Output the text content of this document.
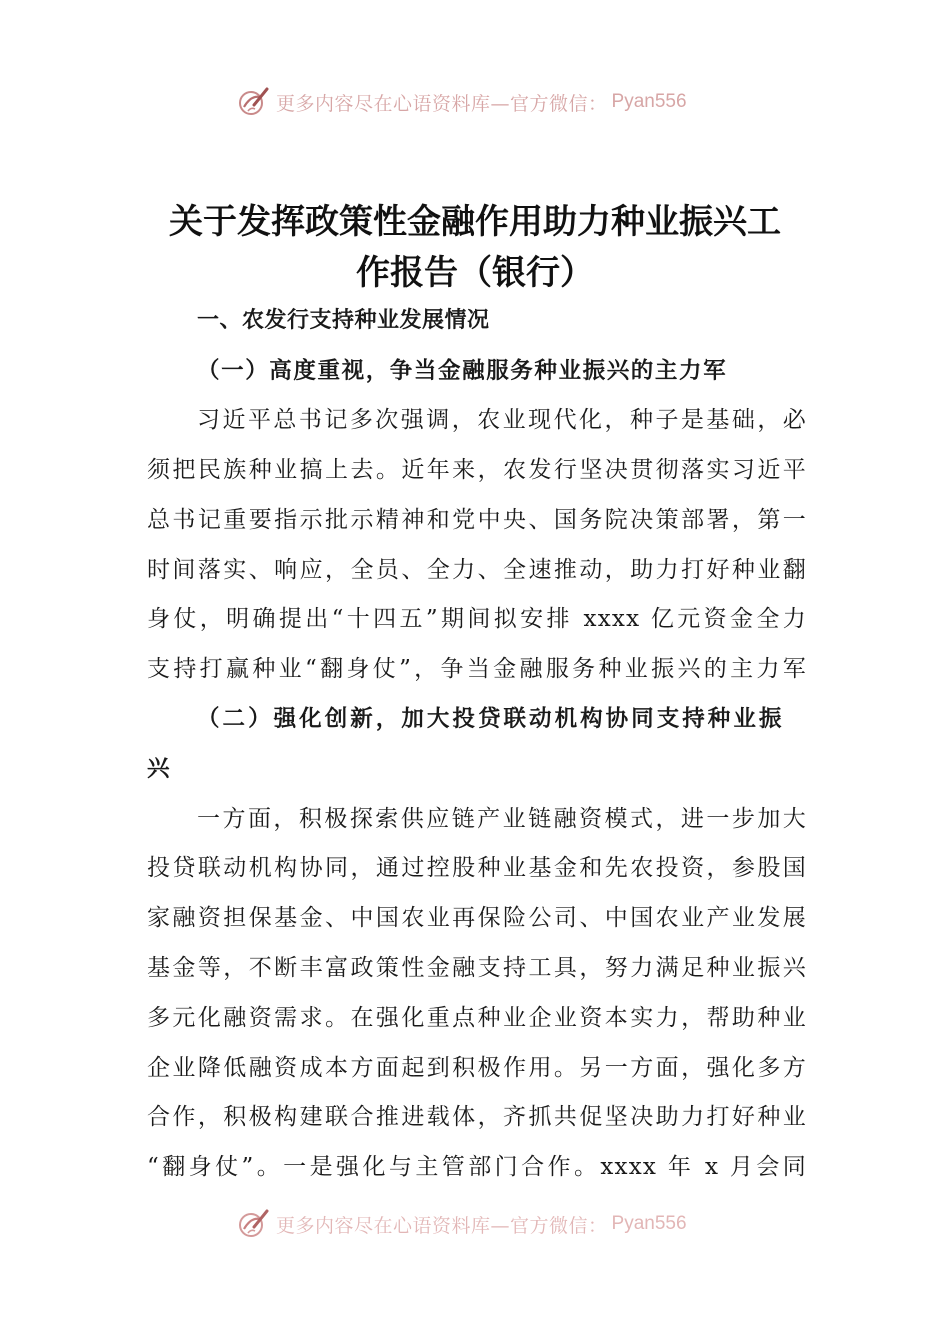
更多内容尽在心语资料库—官方微信： Pyan556
关于发挥政策性金融作用助力种业振兴工
作报告（银行）
一、农发行支持种业发展情况
（一）高度重视，争当金融服务种业振兴的主力军
习近平总书记多次强调，农业现代化，种子是基础，必
须把民族种业搞上去。近年来，农发行坚决贯彻落实习近平
总书记重要指示批示精神和党中央、国务院决策部署，第一
时间落实、响应，全员、全力、全速推动，助力打好种业翻
身仗，明确提出“十四五”期间拟安排 xxxx 亿元资金全力
支持打赢种业“翻身仗”，争当金融服务种业振兴的主力军
（二）强化创新，加大投贷联动机构协同支持种业振
兴
一方面，积极探索供应链产业链融资模式，进一步加大
投贷联动机构协同，通过控股种业基金和先农投资，参股国
家融资担保基金、中国农业再保险公司、中国农业产业发展
基金等，不断丰富政策性金融支持工具，努力满足种业振兴
多元化融资需求。在强化重点种业企业资本实力，帮助种业
企业降低融资成本方面起到积极作用。另一方面，强化多方
合作，积极构建联合推进载体，齐抓共促坚决助力打好种业
“翻身仗”。一是强化与主管部门合作。xxxx 年 x 月会同
更多内容尽在心语资料库—官方微信： Pyan556
